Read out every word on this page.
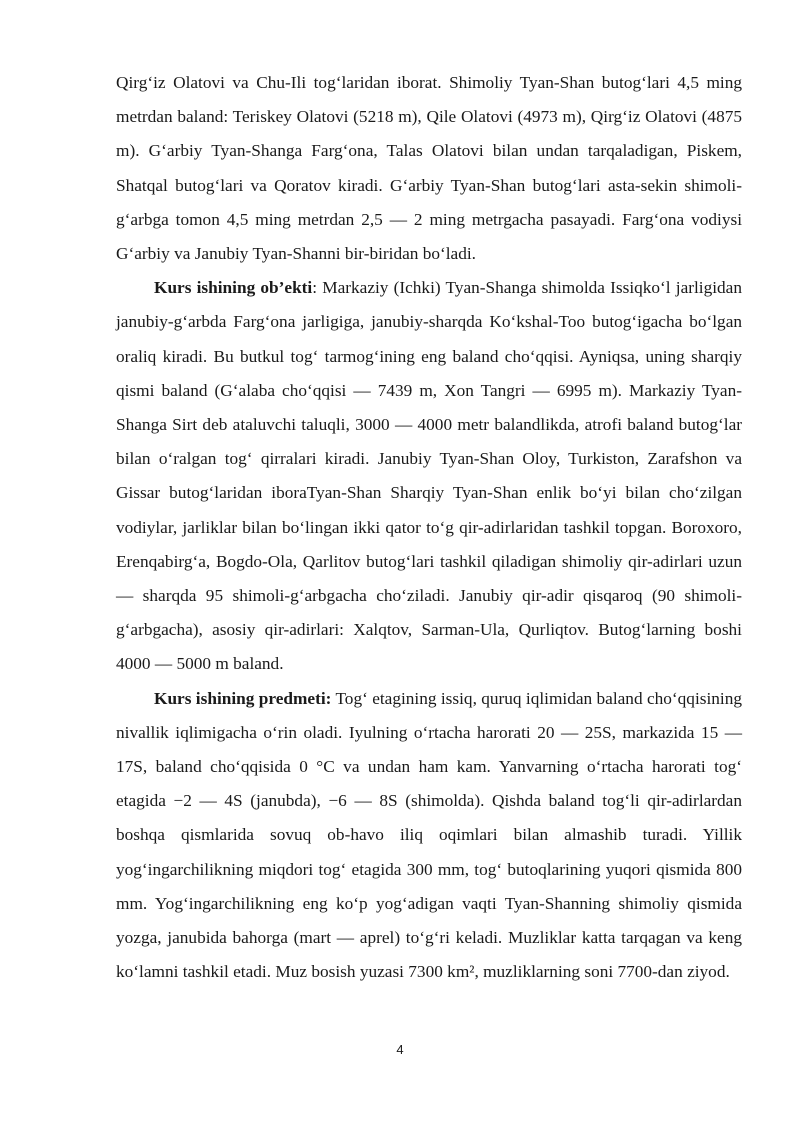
Qirg‘iz Olatovi va Chu-Ili tog‘laridan iborat. Shimoliy Tyan-Shan butog‘lari 4,5 ming metrdan baland: Teriskey Olatovi (5218 m), Qile Olatovi (4973 m), Qirg‘iz Olatovi (4875 m). G‘arbiy Tyan-Shanga Farg‘ona, Talas Olatovi bilan undan tarqaladigan, Piskem, Shatqal butog‘lari va Qoratov kiradi. G‘arbiy Tyan-Shan butog‘lari asta-sekin shimoli-g‘arbga tomon 4,5 ming metrdan 2,5 — 2 ming metrgacha pasayadi. Farg‘ona vodiysi G‘arbiy va Janubiy Tyan-Shanni bir-biridan bo‘ladi.

Kurs ishining ob’ekti: Markaziy (Ichki) Tyan-Shanga shimolda Issiqko‘l jarligidan janubiy-g‘arbda Farg‘ona jarligiga, janubiy-sharqda Ko‘kshal-Too butog‘igacha bo‘lgan oraliq kiradi. Bu butkul tog‘ tarmog‘ining eng baland cho‘qqisi. Ayniqsa, uning sharqiy qismi baland (G‘alaba cho‘qqisi — 7439 m, Xon Tangri — 6995 m). Markaziy Tyan-Shanga Sirt deb ataluvchi taluqli, 3000 — 4000 metr balandlikda, atrofi baland butog‘lar bilan o‘ralgan tog‘ qirralari kiradi. Janubiy Tyan-Shan Oloy, Turkiston, Zarafshon va Gissar butog‘laridan iboraTyan-Shan Sharqiy Tyan-Shan enlik bo‘yi bilan cho‘zilgan vodiylar, jarliklar bilan bo‘lingan ikki qator to‘g qir-adirlaridan tashkil topgan. Boroxoro, Erenqabirg‘a, Bogdo-Ola, Qarlitov butog‘lari tashkil qiladigan shimoliy qir-adirlari uzun — sharqda 95 shimoli-g‘arbgacha cho‘ziladi. Janubiy qir-adir qisqaroq (90 shimoli-g‘arbgacha), asosiy qir-adirlari: Xalqtov, Sarman-Ula, Qurliqtov. Butog‘larning boshi 4000 — 5000 m baland.

Kurs ishining predmeti: Tog‘ etagining issiq, quruq iqlimidan baland cho‘qqisining nivallik iqlimigacha o‘rin oladi. Iyulning o‘rtacha harorati 20 — 25S, markazida 15 — 17S, baland cho‘qqisida 0 °C va undan ham kam. Yanvarning o‘rtacha harorati tog‘ etagida −2 — 4S (janubda), −6 — 8S (shimolda). Qishda baland tog‘li qir-adirlardan boshqa qismlarida sovuq ob-havo iliq oqimlari bilan almashib turadi. Yillik yog‘ingarchilikning miqdori tog‘ etagida 300 mm, tog‘ butoqlarining yuqori qismida 800 mm. Yog‘ingarchilikning eng ko‘p yog‘adigan vaqti Tyan-Shanning shimoliy qismida yozga, janubida bahorga (mart — aprel) to‘g‘ri keladi. Muzliklar katta tarqagan va keng ko‘lamni tashkil etadi. Muz bosish yuzasi 7300 km², muzliklarning soni 7700-dan ziyod.

4
